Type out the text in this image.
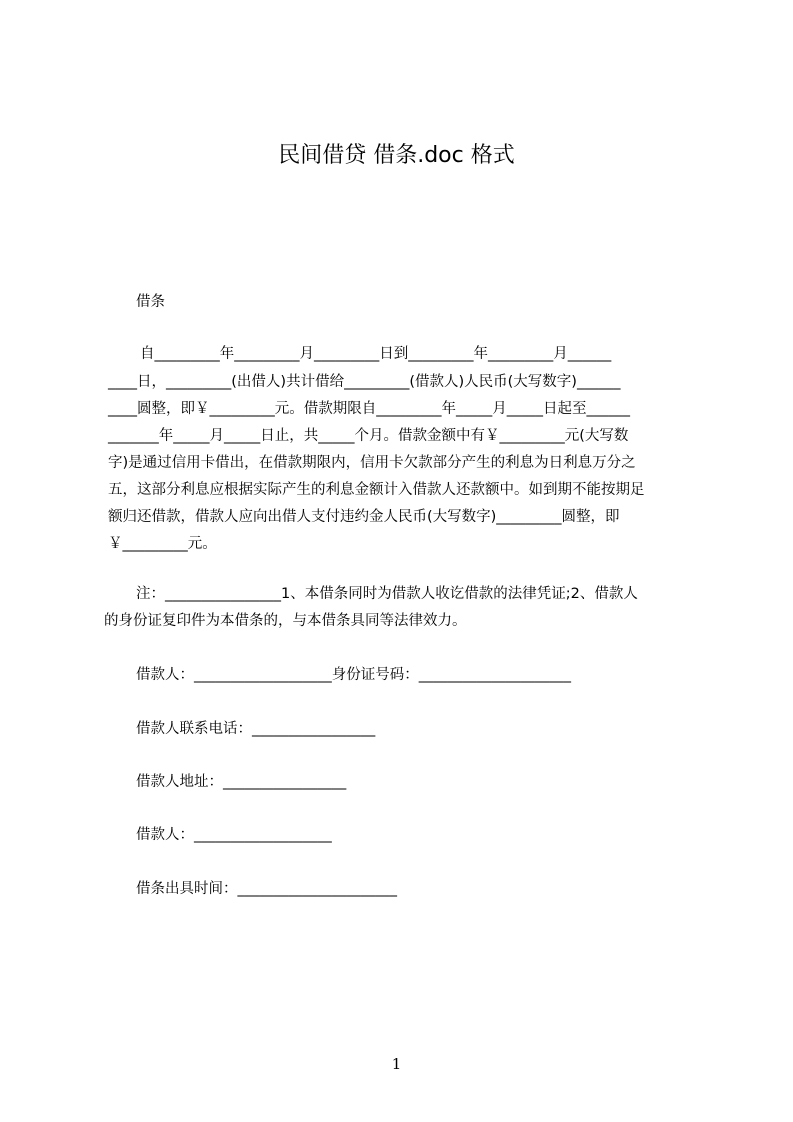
民间借贷 借条.doc 格式
借条
自_________年_________月_________日到_________年_________月______
____日，_________(出借人)共计借给_________(借款人)人民币(大写数字)______
____圆整，即￥_________元。借款期限自_________年_____月_____日起至______
_______年_____月_____日止，共_____个月。借款金额中有￥_________元(大写数
字)是通过信用卡借出，在借款期限内，信用卡欠款部分产生的利息为日利息万分之
五，这部分利息应根据实际产生的利息金额计入借款人还款额中。如到期不能按期足
额归还借款，借款人应向出借人支付违约金人民币(大写数字)_________圆整，即
￥_________元。
注：________________1、本借条同时为借款人收讫借款的法律凭证;2、借款人
的身份证复印件为本借条的，与本借条具同等法律效力。
借款人：___________________身份证号码：_____________________
借款人联系电话：_________________
借款人地址：_________________
借款人：___________________
借条出具时间：______________________
1
